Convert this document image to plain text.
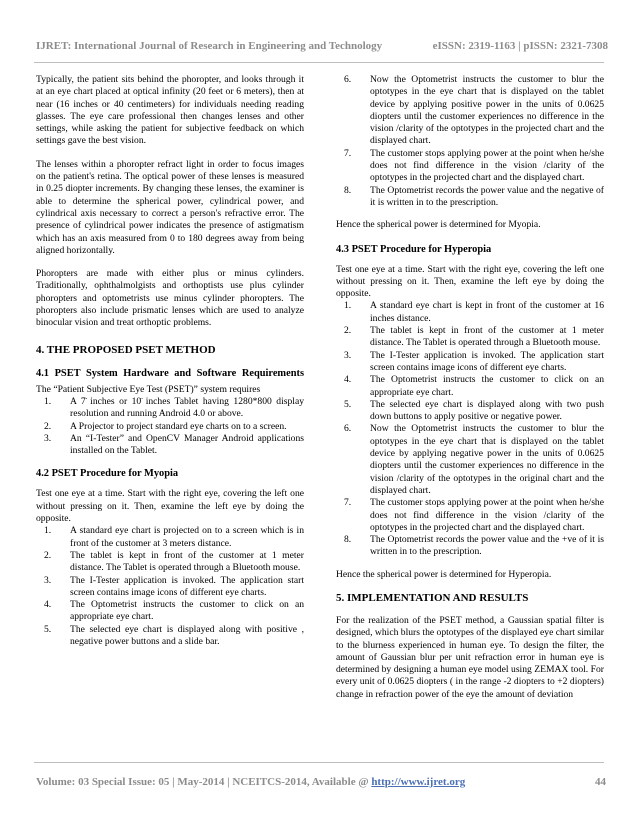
IJRET: International Journal of Research in Engineering and Technology	eISSN: 2319-1163 | pISSN: 2321-7308

Typically, the patient sits behind the phoropter, and looks through it at an eye chart placed at optical infinity (20 feet or 6 meters), then at near (16 inches or 40 centimeters) for individuals needing reading glasses. The eye care professional then changes lenses and other settings, while asking the patient for subjective feedback on which settings gave the best vision.

The lenses within a phoropter refract light in order to focus images on the patient's retina. The optical power of these lenses is measured in 0.25 diopter increments. By changing these lenses, the examiner is able to determine the spherical power, cylindrical power, and cylindrical axis necessary to correct a person's refractive error. The presence of cylindrical power indicates the presence of astigmatism which has an axis measured from 0 to 180 degrees away from being aligned horizontally.

Phoropters are made with either plus or minus cylinders. Traditionally, ophthalmolgists and orthoptists use plus cylinder phoropters and optometrists use minus cylinder phoropters. The phoropters also include prismatic lenses which are used to analyze binocular vision and treat orthoptic problems.

4. THE PROPOSED PSET METHOD
4.1 PSET System Hardware and Software Requirements
The “Patient Subjective Eye Test (PSET)” system requires
1. A 7̈ inches or 10̈ inches Tablet having 1280*800 display resolution and running Android 4.0 or above.
2. A Projector to project standard eye charts on to a screen.
3. An “I-Tester” and OpenCV Manager Android applications installed on the Tablet.
4.2 PSET Procedure for Myopia
Test one eye at a time. Start with the right eye, covering the left one without pressing on it. Then, examine the left eye by doing the opposite.
1. A standard eye chart is projected on to a screen which is in front of the customer at 3 meters distance.
2. The tablet is kept in front of the customer at 1 meter distance. The Tablet is operated through a Bluetooth mouse.
3. The I-Tester application is invoked. The application start screen contains image icons of different eye charts.
4. The Optometrist instructs the customer to click on an appropriate eye chart.
5. The selected eye chart is displayed along with positive , negative power buttons and a slide bar.
6. Now the Optometrist instructs the customer to blur the optotypes in the eye chart that is displayed on the tablet device by applying positive power in the units of 0.0625 diopters until the customer experiences no difference in the vision /clarity of the optotypes in the projected chart and the displayed chart.
7. The customer stops applying power at the point when he/she does not find difference in the vision /clarity of the optotypes in the projected chart and the displayed chart.
8. The Optometrist records the power value and the negative of it is written in to the prescription.

Hence the spherical power is determined for Myopia.

4.3 PSET Procedure for Hyperopia
Test one eye at a time. Start with the right eye, covering the left one without pressing on it. Then, examine the left eye by doing the opposite.
1. A standard eye chart is kept in front of the customer at 16 inches distance.
2. The tablet is kept in front of the customer at 1 meter distance. The Tablet is operated through a Bluetooth mouse.
3. The I-Tester application is invoked. The application start screen contains image icons of different eye charts.
4. The Optometrist instructs the customer to click on an appropriate eye chart.
5. The selected eye chart is displayed along with two push down buttons to apply positive or negative power.
6. Now the Optometrist instructs the customer to blur the optotypes in the eye chart that is displayed on the tablet device by applying negative power in the units of 0.0625 diopters until the customer experiences no difference in the vision /clarity of the optotypes in the original chart and the displayed chart.
7. The customer stops applying power at the point when he/she does not find difference in the vision /clarity of the optotypes in the projected chart and the displayed chart.
8. The Optometrist records the power value and the +ve of it is written in to the prescription.

Hence the spherical power is determined for Hyperopia.

5. IMPLEMENTATION AND RESULTS

For the realization of the PSET method, a Gaussian spatial filter is designed, which blurs the optotypes of the displayed eye chart similar to the blurness experienced in human eye. To design the filter, the amount of Gaussian blur per unit refraction error in human eye is determined by designing a human eye model using ZEMAX tool. For every unit of 0.0625 diopters ( in the range -2 diopters to +2 diopters) change in refraction power of the eye the amount of deviation

Volume: 03 Special Issue: 05 | May-2014 | NCEITCS-2014, Available @ http://www.ijret.org	44
